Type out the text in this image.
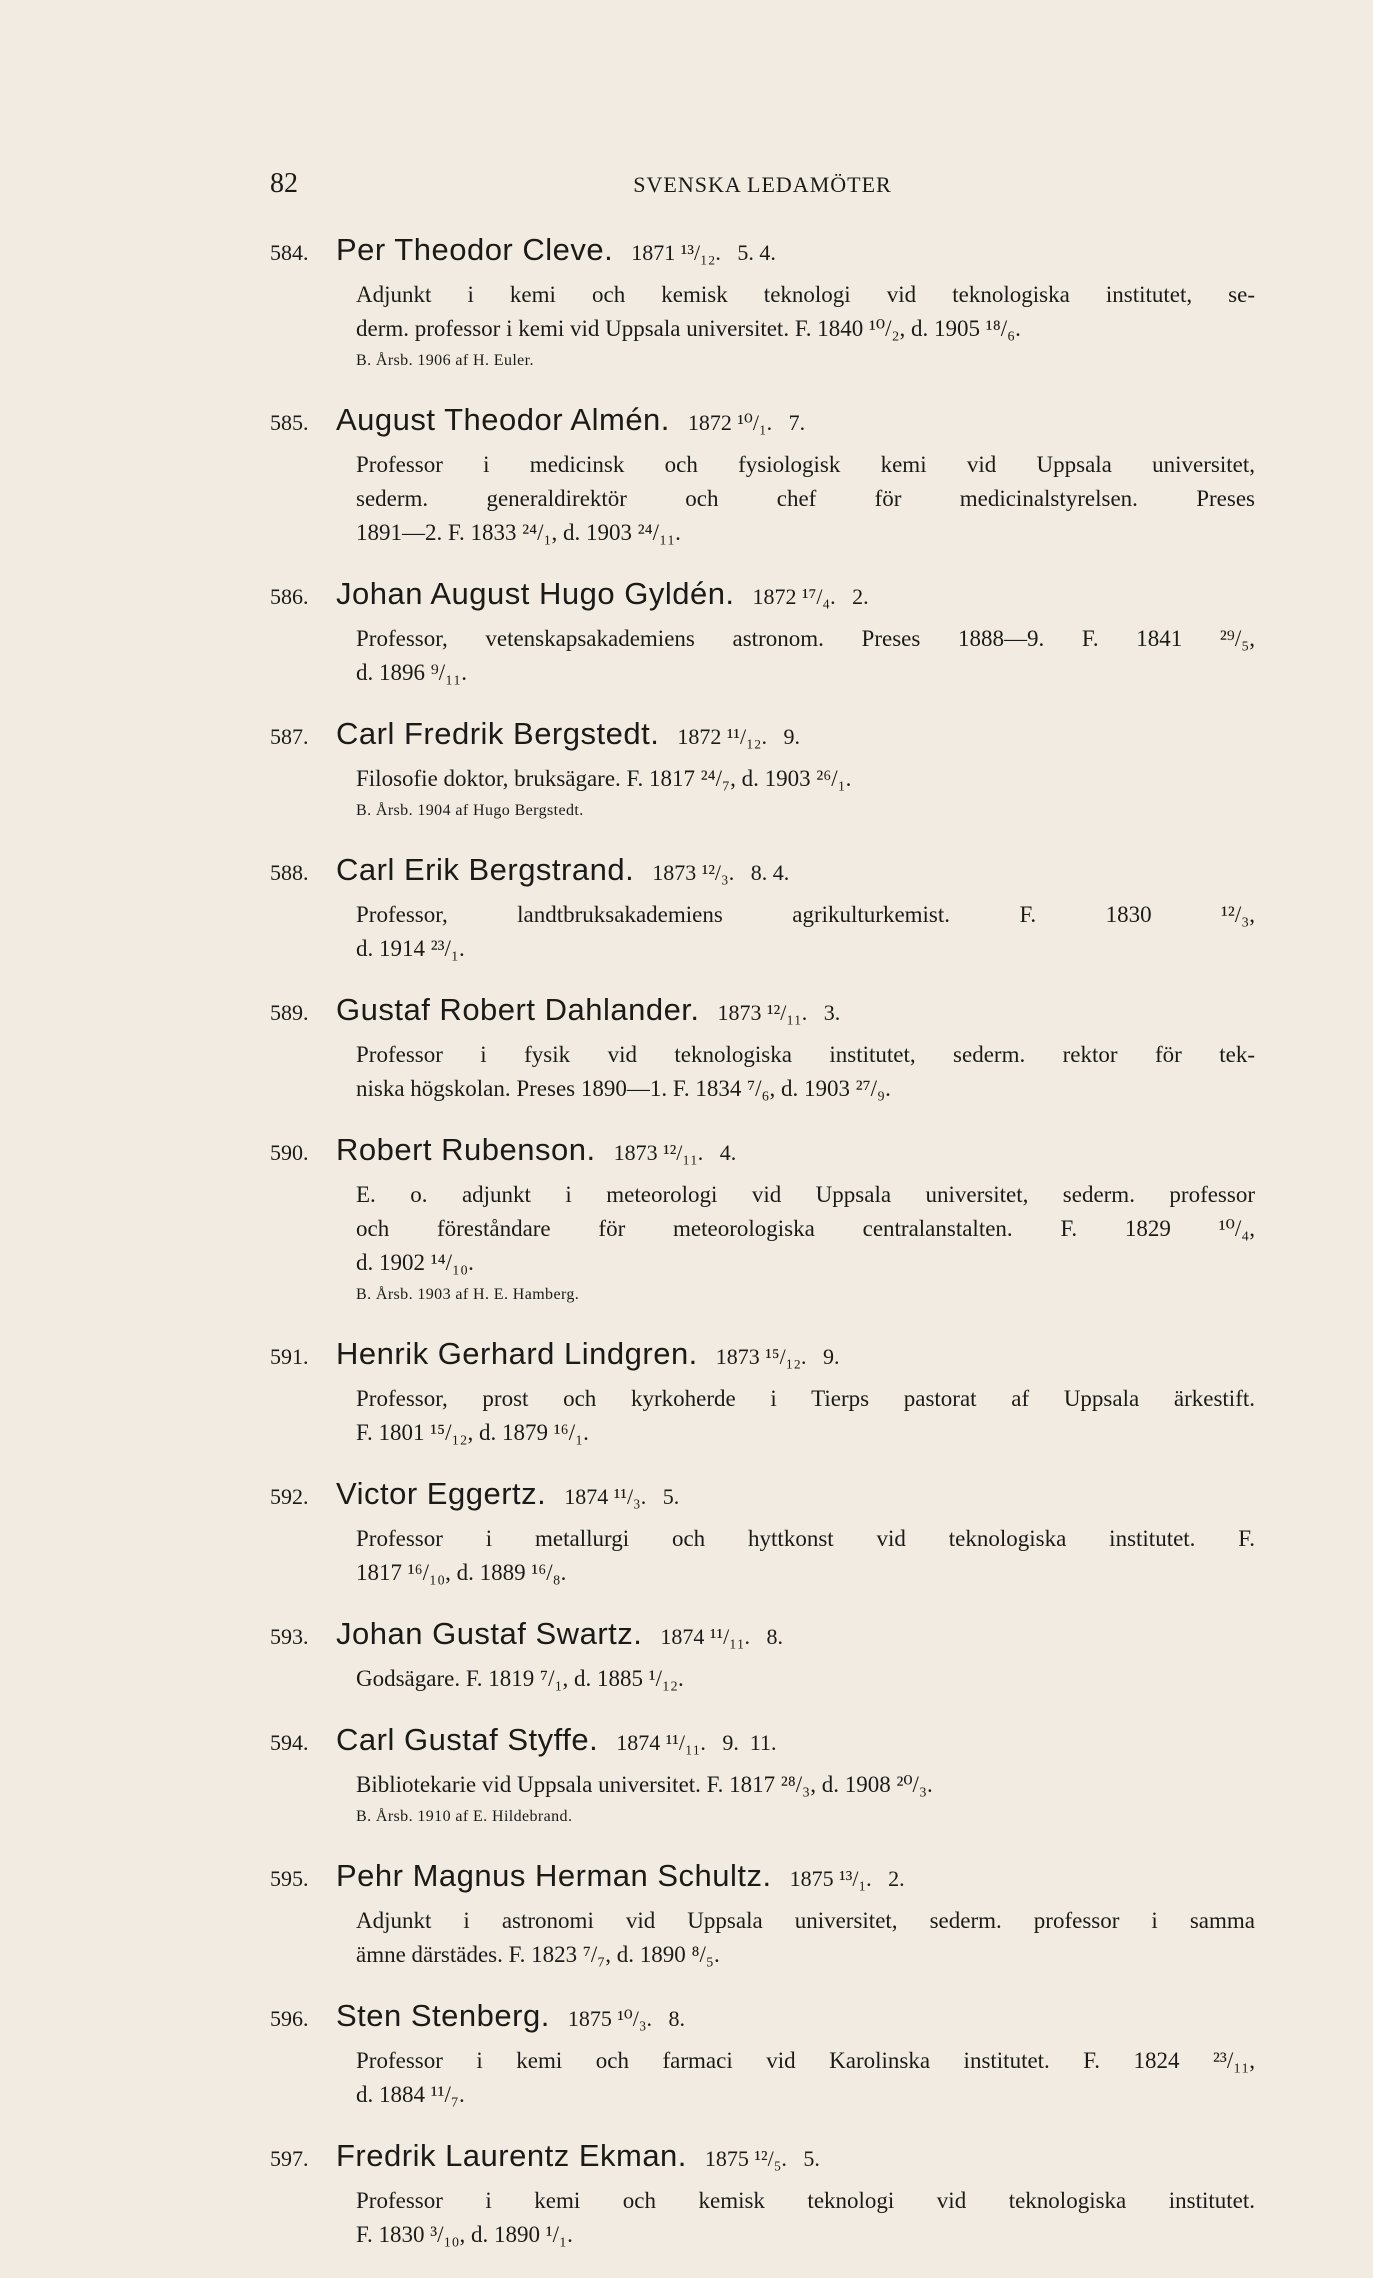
82	SVENSKA LEDAMÖTER
584. Per Theodor Cleve. 1871 ¹³/₁₂.   5. 4.
Adjunkt i kemi och kemisk teknologi vid teknologiska institutet, se-
derm. professor i kemi vid Uppsala universitet. F. 1840 ¹⁰/₂, d. 1905 ¹⁸/₆.
B. Årsb. 1906 af H. Euler.
585. August Theodor Almén. 1872 ¹⁰/₁.   7.
Professor i medicinsk och fysiologisk kemi vid Uppsala universitet,
sederm. generaldirektör och chef för medicinalstyrelsen. Preses
1891—2. F. 1833 ²⁴/₁, d. 1903 ²⁴/₁₁.
586. Johan August Hugo Gyldén. 1872 ¹⁷/₄.   2.
Professor, vetenskapsakademiens astronom. Preses 1888—9. F. 1841 ²⁹/₅,
d. 1896 ⁹/₁₁.
587. Carl Fredrik Bergstedt. 1872 ¹¹/₁₂.   9.
Filosofie doktor, bruksägare. F. 1817 ²⁴/₇, d. 1903 ²⁶/₁.
B. Årsb. 1904 af Hugo Bergstedt.
588. Carl Erik Bergstrand. 1873 ¹²/₃.   8. 4.
Professor, landtbruksakademiens agrikulturkemist. F. 1830 ¹²/₃,
d. 1914 ²³/₁.
589. Gustaf Robert Dahlander. 1873 ¹²/₁₁.   3.
Professor i fysik vid teknologiska institutet, sederm. rektor för tek-
niska högskolan. Preses 1890—1. F. 1834 ⁷/₆, d. 1903 ²⁷/₉.
590. Robert Rubenson. 1873 ¹²/₁₁.   4.
E. o. adjunkt i meteorologi vid Uppsala universitet, sederm. professor
och föreståndare för meteorologiska centralanstalten. F. 1829 ¹⁰/₄,
d. 1902 ¹⁴/₁₀.
B. Årsb. 1903 af H. E. Hamberg.
591. Henrik Gerhard Lindgren. 1873 ¹⁵/₁₂.   9.
Professor, prost och kyrkoherde i Tierps pastorat af Uppsala ärkestift.
F. 1801 ¹⁵/₁₂, d. 1879 ¹⁶/₁.
592. Victor Eggertz. 1874 ¹¹/₃.   5.
Professor i metallurgi och hyttkonst vid teknologiska institutet. F.
1817 ¹⁶/₁₀, d. 1889 ¹⁶/₈.
593. Johan Gustaf Swartz. 1874 ¹¹/₁₁.   8.
Godsägare. F. 1819 ⁷/₁, d. 1885 ¹/₁₂.
594. Carl Gustaf Styffe. 1874 ¹¹/₁₁.   9.  11.
Bibliotekarie vid Uppsala universitet. F. 1817 ²⁸/₃, d. 1908 ²⁰/₃.
B. Årsb. 1910 af E. Hildebrand.
595. Pehr Magnus Herman Schultz. 1875 ¹³/₁.   2.
Adjunkt i astronomi vid Uppsala universitet, sederm. professor i samma
ämne därstädes. F. 1823 ⁷/₇, d. 1890 ⁸/₅.
596. Sten Stenberg. 1875 ¹⁰/₃.   8.
Professor i kemi och farmaci vid Karolinska institutet. F. 1824 ²³/₁₁,
d. 1884 ¹¹/₇.
597. Fredrik Laurentz Ekman. 1875 ¹²/₅.   5.
Professor i kemi och kemisk teknologi vid teknologiska institutet.
F. 1830 ³/₁₀, d. 1890 ¹/₁.
